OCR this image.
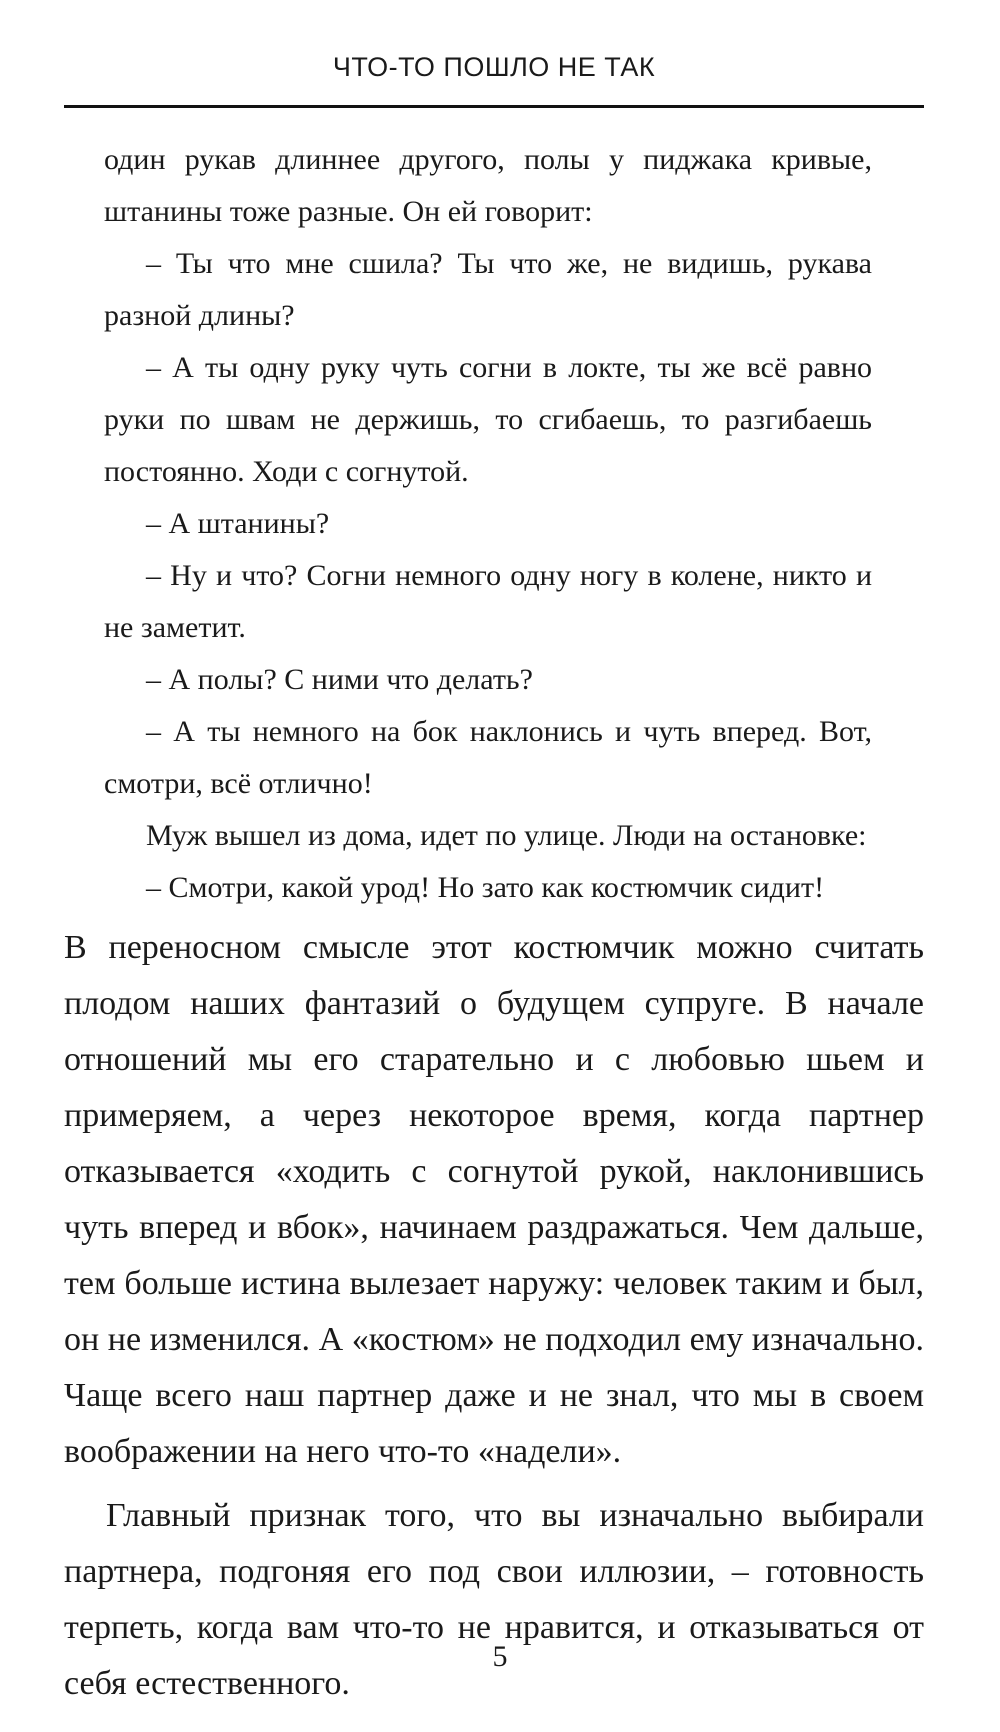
ЧТО-ТО ПОШЛО НЕ ТАК

один рукав длиннее другого, полы у пиджака кривые, штанины тоже разные. Он ей говорит:

– Ты что мне сшила? Ты что же, не видишь, рукава разной длины?

– А ты одну руку чуть согни в локте, ты же всё равно руки по швам не держишь, то сгибаешь, то разгибаешь постоянно. Ходи с согнутой.

– А штанины?

– Ну и что? Согни немного одну ногу в колене, никто и не заметит.

– А полы? С ними что делать?

– А ты немного на бок наклонись и чуть вперед. Вот, смотри, всё отлично!

Муж вышел из дома, идет по улице. Люди на остановке:

– Смотри, какой урод! Но зато как костюмчик сидит!

В переносном смысле этот костюмчик можно считать плодом наших фантазий о будущем супруге. В начале отношений мы его старательно и с любовью шьем и примеряем, а через некоторое время, когда партнер отказывается «ходить с согнутой рукой, наклонившись чуть вперед и вбок», начинаем раздражаться. Чем дальше, тем больше истина вылезает наружу: человек таким и был, он не изменился. А «костюм» не подходил ему изначально. Чаще всего наш партнер даже и не знал, что мы в своем воображении на него что-то «надели».

Главный признак того, что вы изначально выбирали партнера, подгоняя его под свои иллюзии, – готовность терпеть, когда вам что-то не нравится, и отказываться от себя естественного.

5
